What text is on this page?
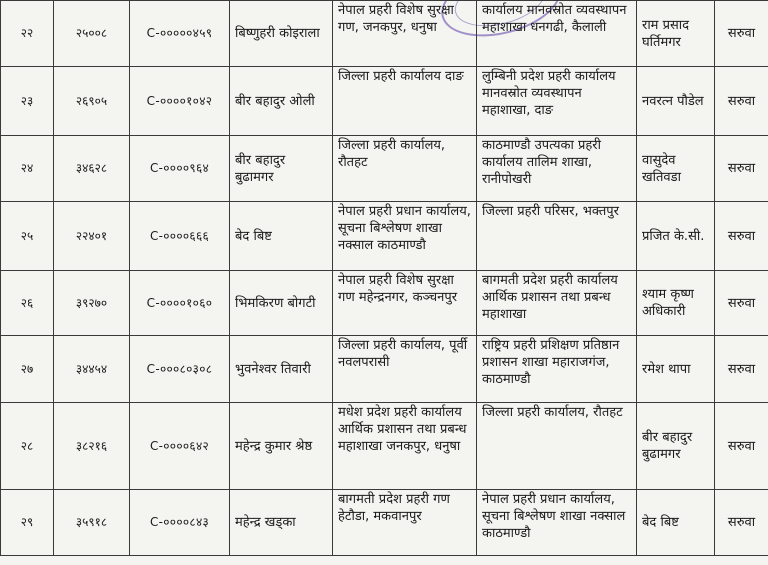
२२	२५००८	C-०००००४५९	बिष्णुहरी कोइराला	नेपाल प्रहरी विशेष सुरक्षा गण, जनकपुर, धनुषा	कार्यालय मानवस्रोत व्यवस्थापन महाशाखा धनगढी, कैलाली	राम प्रसाद घर्तिमगर	सरुवा	
२३	२६९०५	C-००००१०४२	बीर बहादुर ओली	जिल्ला प्रहरी कार्यालय दाङ	लुम्बिनी प्रदेश प्रहरी कार्यालय मानवस्रोत व्यवस्थापन महाशाखा, दाङ	नवरत्न पौडेल	सरुवा	
२४	३४६२८	C-००००९६४	बीर बहादुर बुढामगर	जिल्ला प्रहरी कार्यालय, रौतहट	काठमाण्डौ उपत्यका प्रहरी कार्यालय तालिम शाखा, रानीपोखरी	वासुदेव खतिवडा	सरुवा	
२५	२२४०१	C-००००६६६	बेद बिष्ट	नेपाल प्रहरी प्रधान कार्यालय, सूचना बिश्लेषण शाखा नक्साल काठमाण्डौ	जिल्ला प्रहरी परिसर, भक्तपुर	प्रजित के.सी.	सरुवा	
२६	३९२७०	C-००००१०६०	भिमकिरण बोगटी	नेपाल प्रहरी विशेष सुरक्षा गण महेन्द्रनगर, कञ्चनपुर	बागमती प्रदेश प्रहरी कार्यालय आर्थिक प्रशासन तथा प्रबन्ध महाशाखा	श्याम कृष्ण अधिकारी	सरुवा	
२७	३४४५४	C-०००८०३०८	भुवनेश्वर तिवारी	जिल्ला प्रहरी कार्यालय, पूर्वी नवलपरासी	राष्ट्रिय प्रहरी प्रशिक्षण प्रतिष्ठान प्रशासन शाखा महाराजगंज, काठमाण्डौ	रमेश थापा	सरुवा	
२८	३८२१६	C-००००६४२	महेन्द्र कुमार श्रेष्ठ	मधेश प्रदेश प्रहरी कार्यालय आर्थिक प्रशासन तथा प्रबन्ध महाशाखा जनकपुर, धनुषा	जिल्ला प्रहरी कार्यालय, रौतहट	बीर बहादुर बुढामगर	सरुवा	
२९	३५९१८	C-००००८४३	महेन्द्र खड्का	बागमती प्रदेश प्रहरी गण हेटौडा, मकवानपुर	नेपाल प्रहरी प्रधान कार्यालय, सूचना बिश्लेषण शाखा नक्साल काठमाण्डौ	बेद बिष्ट	सरुवा	
